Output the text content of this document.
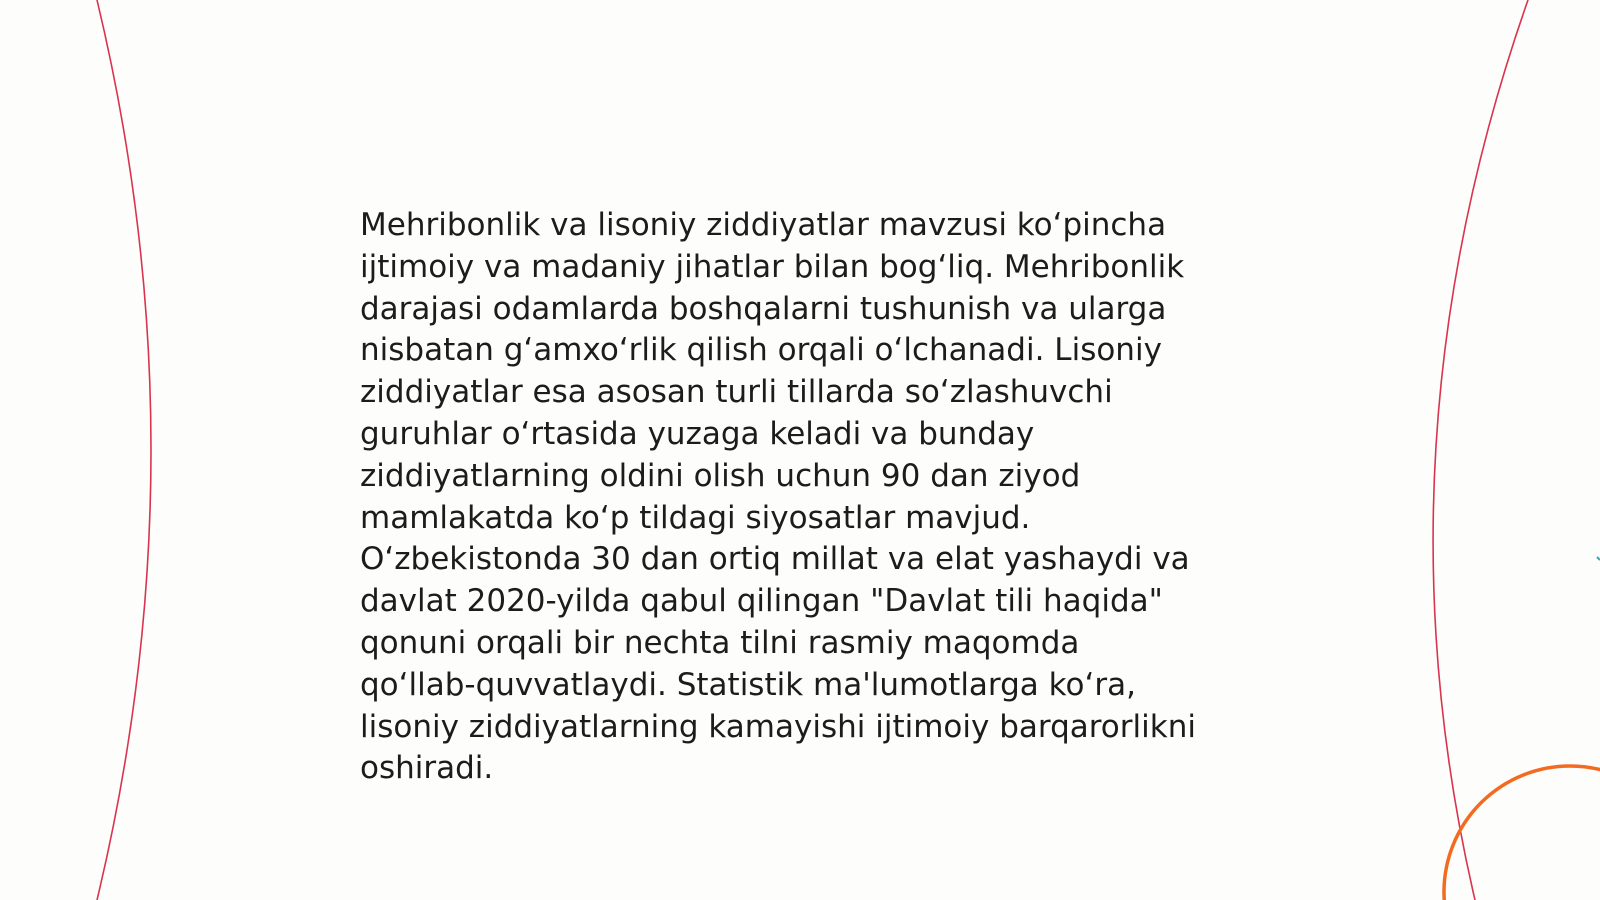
Mehribonlik va lisoniy ziddiyatlar mavzusi koʻpincha
ijtimoiy va madaniy jihatlar bilan bogʻliq. Mehribonlik
darajasi odamlarda boshqalarni tushunish va ularga
nisbatan gʻamxoʻrlik qilish orqali oʻlchanadi. Lisoniy
ziddiyatlar esa asosan turli tillarda soʻzlashuvchi
guruhlar oʻrtasida yuzaga keladi va bunday
ziddiyatlarning oldini olish uchun 90 dan ziyod
mamlakatda koʻp tildagi siyosatlar mavjud.
Oʻzbekistonda 30 dan ortiq millat va elat yashaydi va
davlat 2020-yilda qabul qilingan "Davlat tili haqida"
qonuni orqali bir nechta tilni rasmiy maqomda
qoʻllab-quvvatlaydi. Statistik ma'lumotlarga koʻra,
lisoniy ziddiyatlarning kamayishi ijtimoiy barqarorlikni
oshiradi.
